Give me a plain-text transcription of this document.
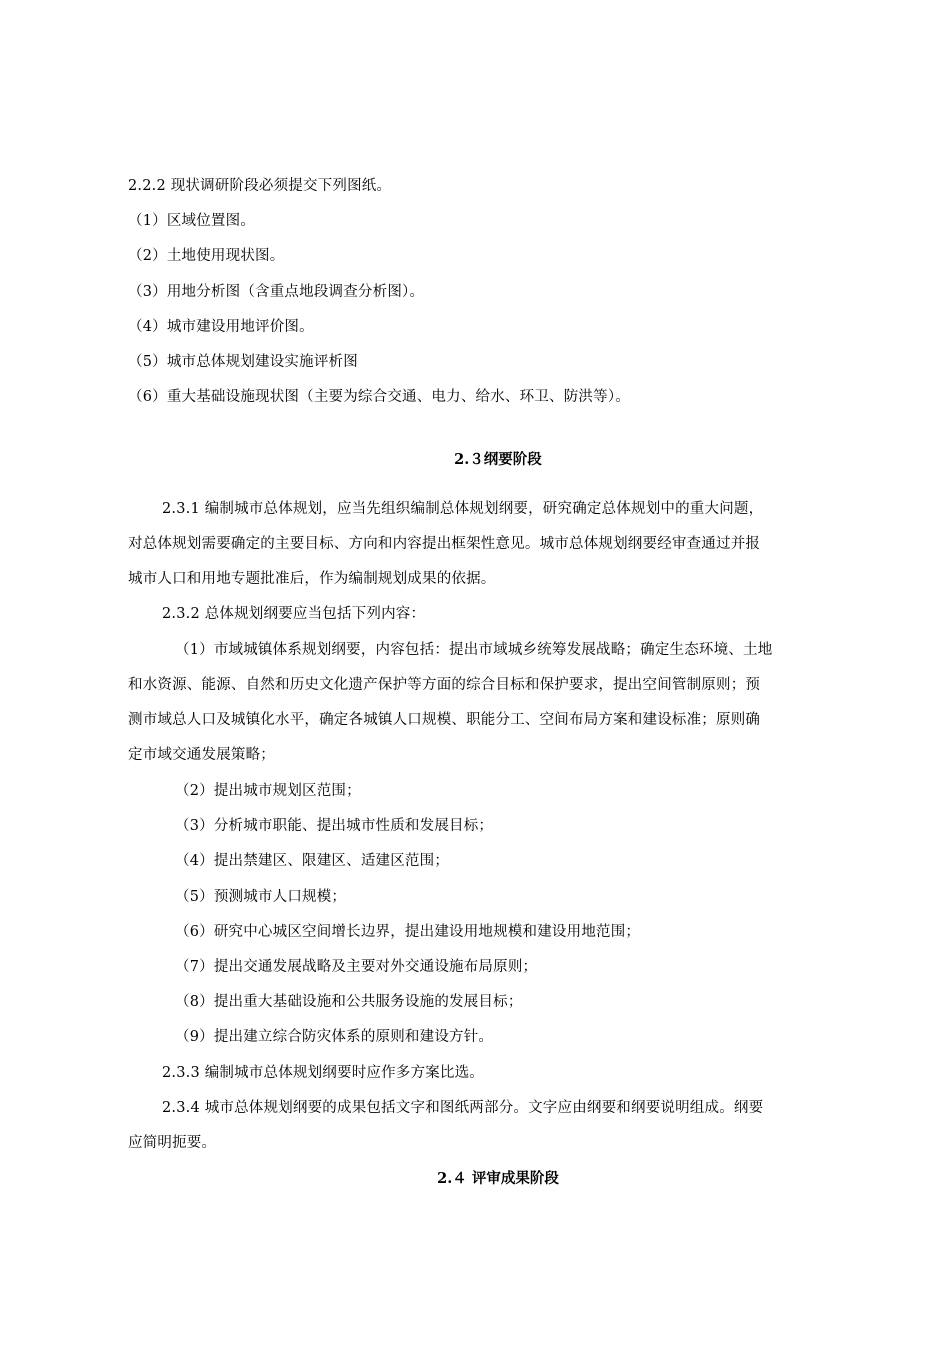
2.2.2 现状调研阶段必须提交下列图纸。
（1）区域位置图。
（2）土地使用现状图。
（3）用地分析图（含重点地段调查分析图）。
（4）城市建设用地评价图。
（5）城市总体规划建设实施评析图
（6）重大基础设施现状图（主要为综合交通、电力、给水、环卫、防洪等）。
2.３纲要阶段
2.3.1 编制城市总体规划，应当先组织编制总体规划纲要，研究确定总体规划中的重大问题，
对总体规划需要确定的主要目标、方向和内容提出框架性意见。城市总体规划纲要经审查通过并报
城市人口和用地专题批准后，作为编制规划成果的依据。
2.3.2 总体规划纲要应当包括下列内容：
（1）市域城镇体系规划纲要，内容包括：提出市域城乡统筹发展战略；确定生态环境、土地
和水资源、能源、自然和历史文化遗产保护等方面的综合目标和保护要求，提出空间管制原则；预
测市域总人口及城镇化水平，确定各城镇人口规模、职能分工、空间布局方案和建设标准；原则确
定市域交通发展策略；
（2）提出城市规划区范围；
（3）分析城市职能、提出城市性质和发展目标；
（4）提出禁建区、限建区、适建区范围；
（5）预测城市人口规模；
（6）研究中心城区空间增长边界，提出建设用地规模和建设用地范围；
（7）提出交通发展战略及主要对外交通设施布局原则；
（8）提出重大基础设施和公共服务设施的发展目标；
（9）提出建立综合防灾体系的原则和建设方针。
2.3.3 编制城市总体规划纲要时应作多方案比选。
2.3.4 城市总体规划纲要的成果包括文字和图纸两部分。文字应由纲要和纲要说明组成。纲要
应简明扼要。
2.４ 评审成果阶段
